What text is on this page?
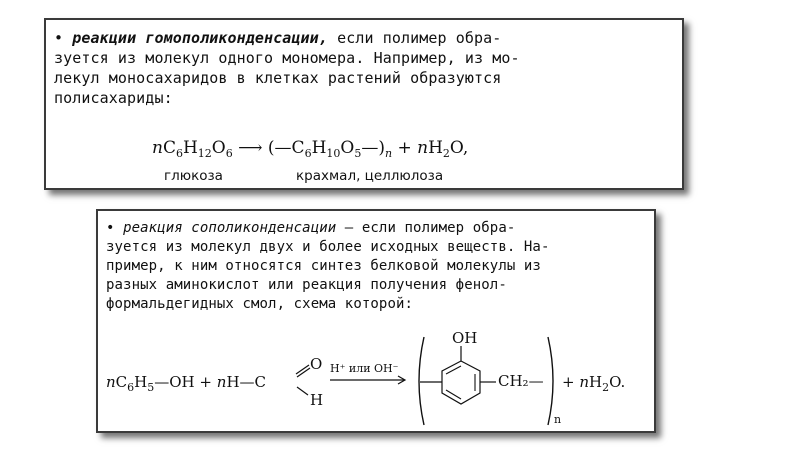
• реакции гомополиконденсации, если полимер обра-
зуется из молекул одного мономера. Например, из мо-
лекул моносахаридов в клетках растений образуются
полисахариды:

$nC_6H_{12}O_6$ ⟶ $(—C_6H_{10}O_5—)_n + nH_2O$,
глюкоза	крахмал, целлюлоза

• реакция сополиконденсации — если полимер обра-
зуется из молекул двух и более исходных веществ. На-
пример, к ним относятся синтез белковой молекулы из
разных аминокислот или реакция получения фенол-
формальдегидных смол, схема которой:

$nC_6H_5—OH$ + nH—C
O
H
H⁺ или OH⁻
OH
CH₂—
n
+ $nH_2O$.
